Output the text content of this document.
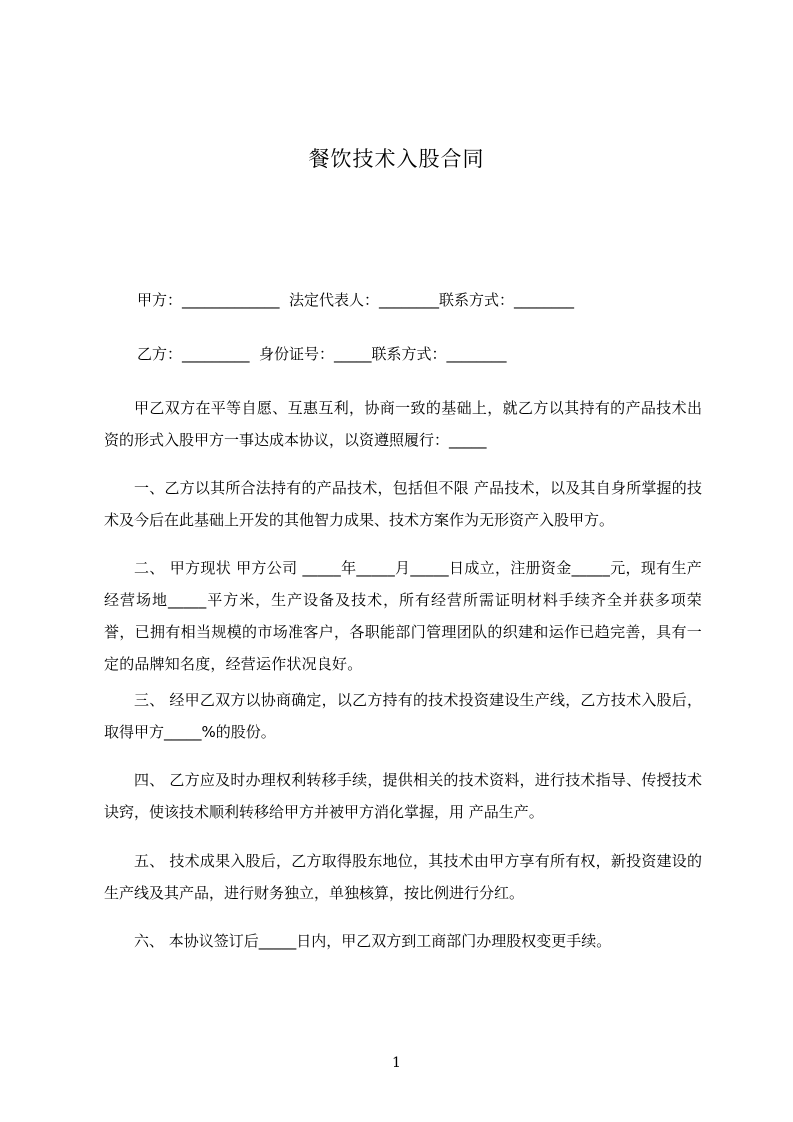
餐饮技术入股合同
甲方：_____________  法定代表人：________联系方式：________
乙方：_________  身份证号：_____联系方式：________
甲乙双方在平等自愿、互惠互利，协商一致的基础上，就乙方以其持有的产品技术出资的形式入股甲方一事达成本协议，以资遵照履行：_____
一、乙方以其所合法持有的产品技术，包括但不限 产品技术，以及其自身所掌握的技术及今后在此基础上开发的其他智力成果、技术方案作为无形资产入股甲方。
二、 甲方现状 甲方公司 _____年_____月_____日成立，注册资金_____元，现有生产经营场地_____平方米，生产设备及技术，所有经营所需证明材料手续齐全并获多项荣誉，已拥有相当规模的市场准客户，各职能部门管理团队的织建和运作已趋完善，具有一定的品牌知名度，经营运作状况良好。
三、 经甲乙双方以协商确定，以乙方持有的技术投资建设生产线，乙方技术入股后，取得甲方_____%的股份。
四、 乙方应及时办理权利转移手续，提供相关的技术资料，进行技术指导、传授技术诀窍，使该技术顺利转移给甲方并被甲方消化掌握，用 产品生产。
五、 技术成果入股后，乙方取得股东地位，其技术由甲方享有所有权，新投资建设的生产线及其产品，进行财务独立，单独核算，按比例进行分红。
六、 本协议签订后_____日内，甲乙双方到工商部门办理股权变更手续。
1
